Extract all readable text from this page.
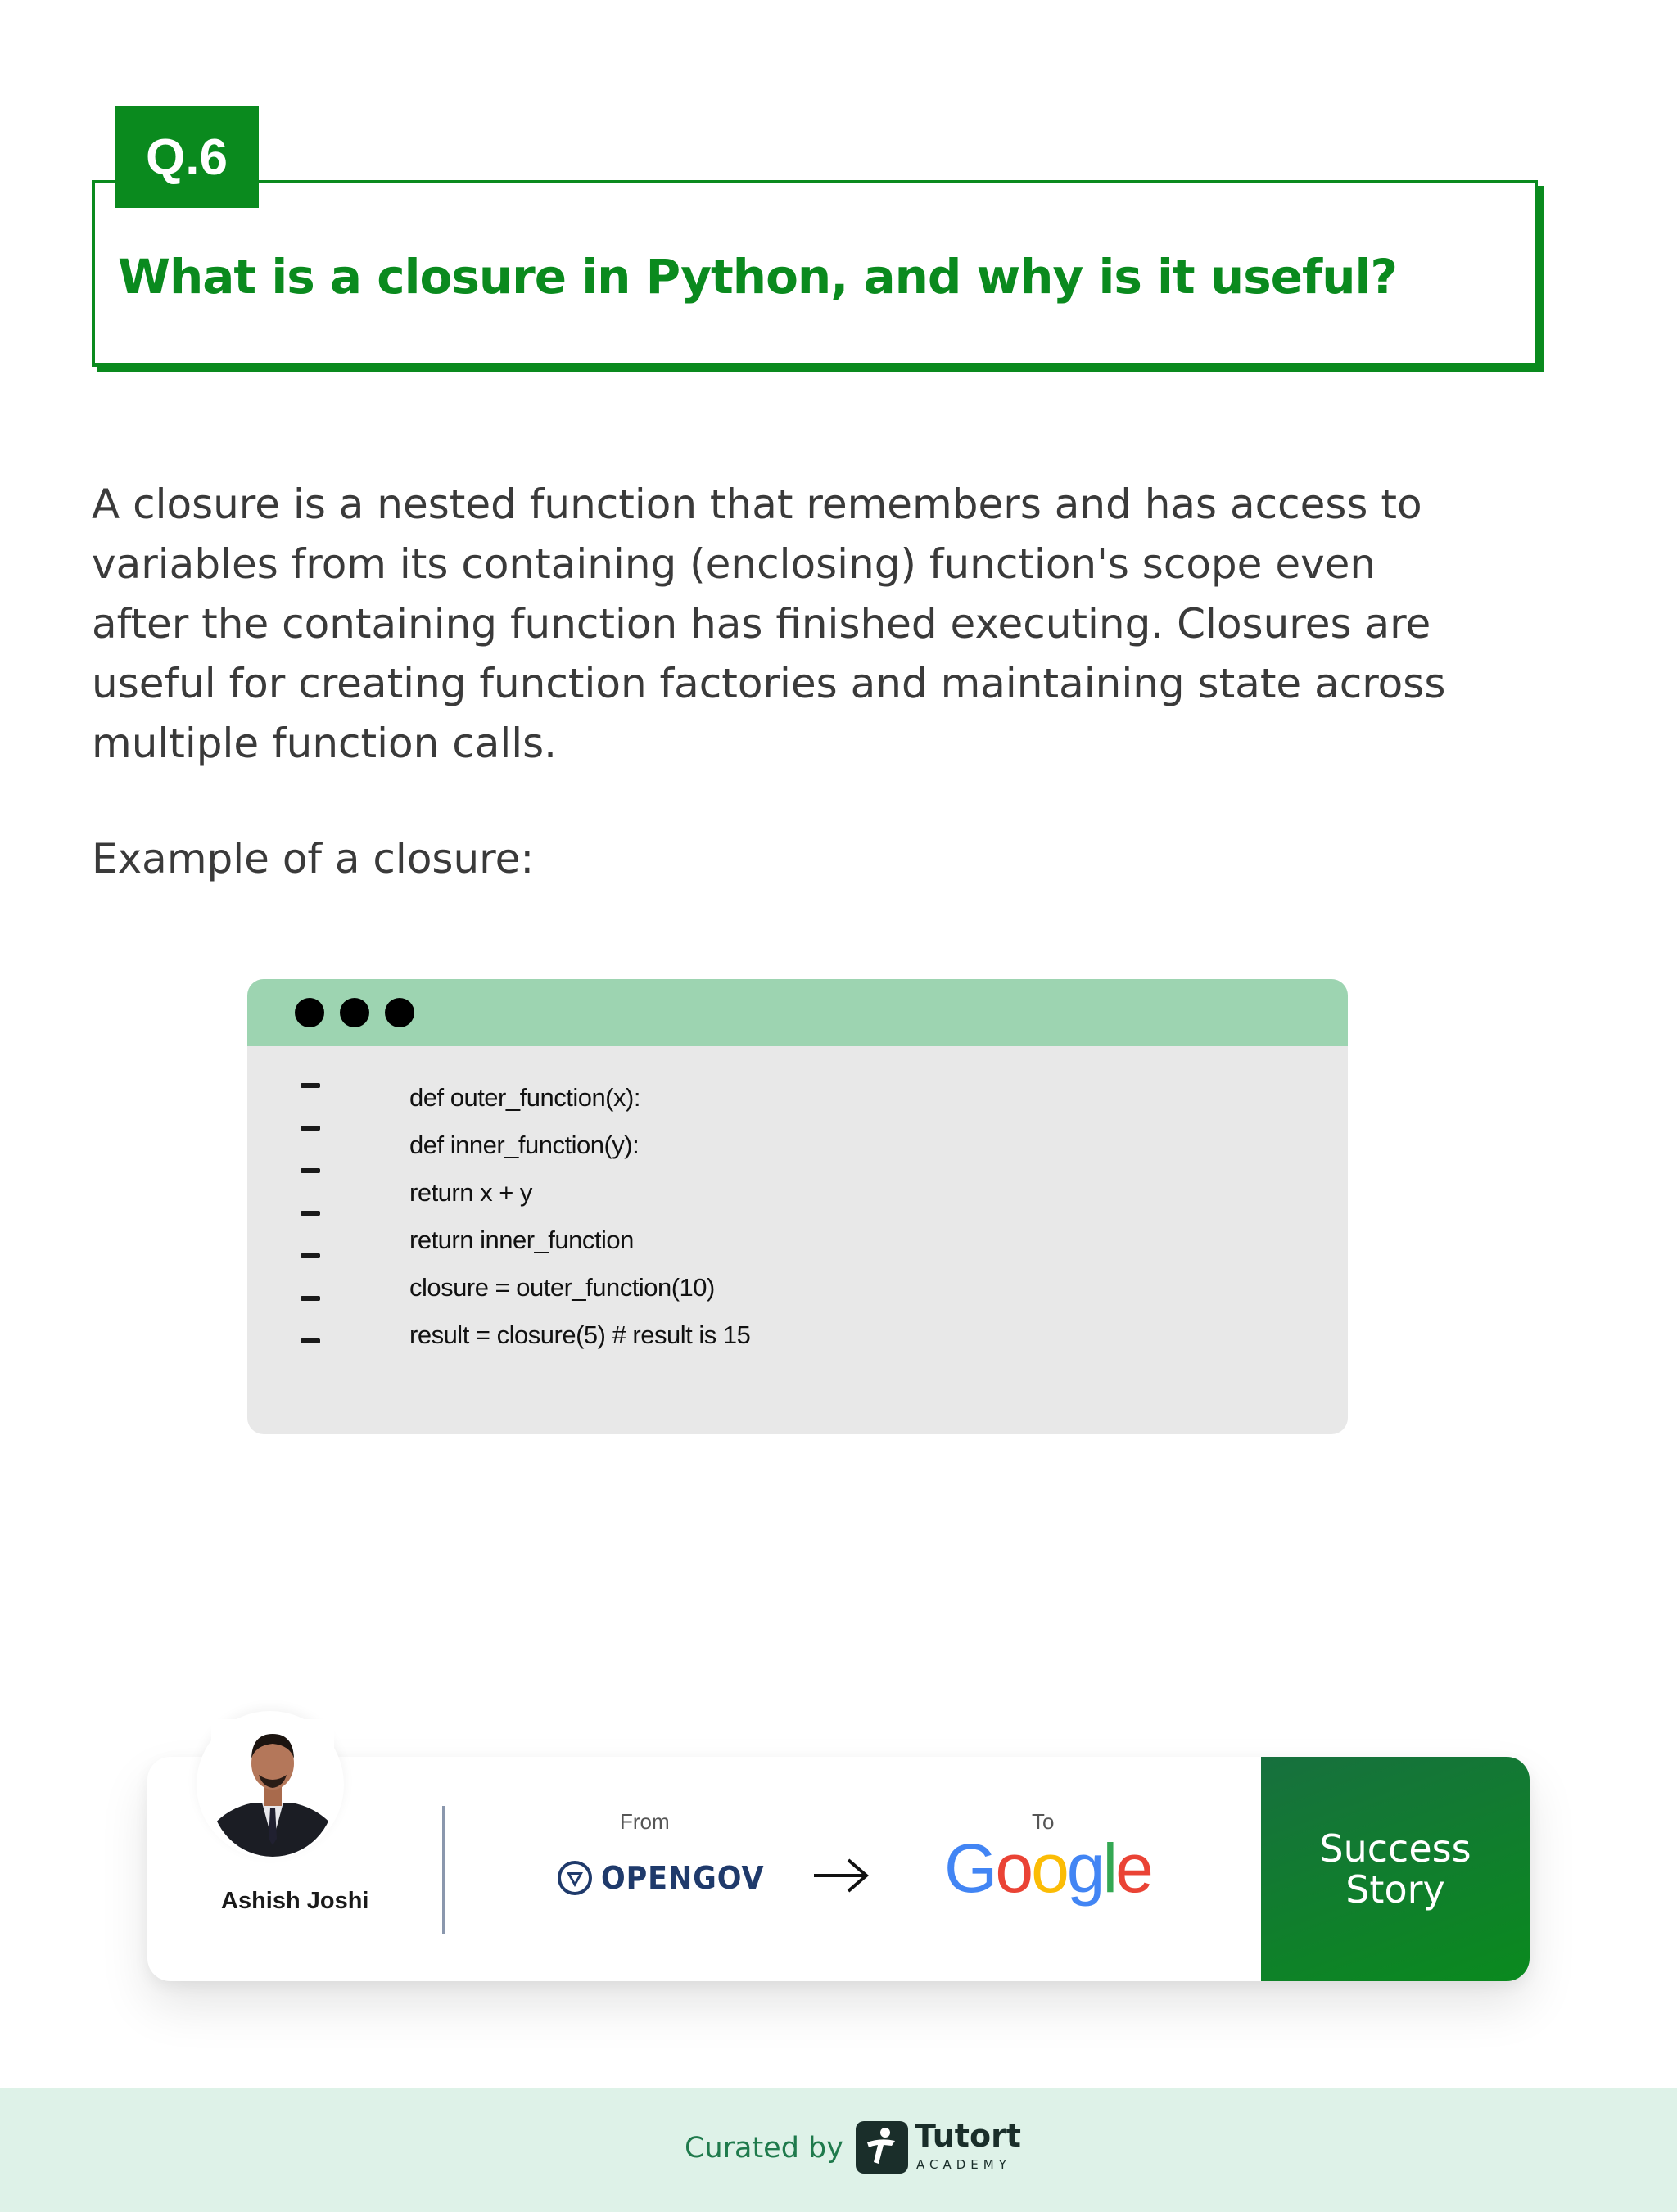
What is a closure in Python, and why is it useful?
Q.6
A closure is a nested function that remembers and has access to
variables from its containing (enclosing) function's scope even
after the containing function has finished executing. Closures are
useful for creating function factories and maintaining state across
multiple function calls.
Example of a closure:
def outer_function(x):
def inner_function(y):
return x + y
return inner_function
closure = outer_function(10)
result = closure(5) # result is 15
Ashish Joshi
From
OPENGOV
To
Google	Success
Story
Curated by Tutort
ACADEMY
